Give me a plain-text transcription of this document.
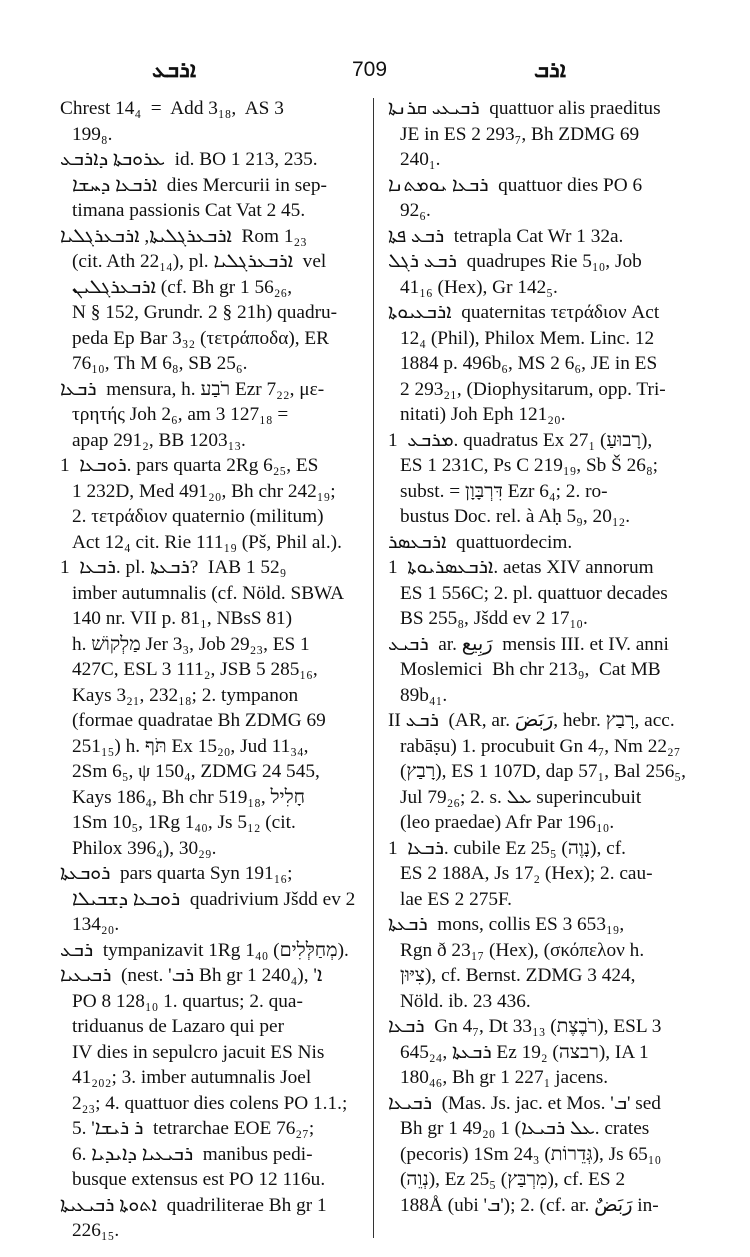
ܐܪܒܥ	709	ܐܪܒ
Chrest 14₄  =  Add 3₁₈,  AS 3
199₈.
ܥܪܘܒܬܐ ܕܐܪܒܥ  id. BO 1 213, 235.
ܐܪܒܥܐ ܕܚܫܐ  dies Mercurii in sep-
timana passionis Cat Vat 2 45.
ܐܪܒܥܪܓܠܝܬܐ, ܐܪܒܥܪܓܠܝܐ  Rom 1₂₃
(cit. Ath 22₁₄), pl. ܐܪܒܥܪܓܠܝܐ  vel
ܐܪܒܥܪܓܠܝܢ (cf. Bh gr 1 56₂₆,
N § 152, Grundr. 2 § 21h) quadru-
peda Ep Bar 3₃₂ (τετράποδα), ER
76₁₀, Th M 6₈, SB 25₆.
ܪܒܥܐ  mensura, h. רֹבַע Ezr 7₂₂, με-
τρητής Joh 2₆, am 3 127₁₈ =
apap 291₂, BB 1203₁₃.
ܪܘܒܥܐ  1. pars quarta 2Rg 6₂₅, ES
1 232D, Med 491₂₀, Bh chr 242₁₉;
2. τετράδιον quaternio (militum)
Act 12₄ cit. Rie 111₁₉ (Pš, Phil al.).
ܪܒܥܐ  1. pl. ܪܒܥܬܐ?  IAB 1 52₉
imber autumnalis (cf. Nöld. SBWA
140 nr. VII p. 81₁, NBsS 81)
h. מַלְקוֹשׁ Jer 3₃, Job 29₂₃, ES 1
427C, ESL 3 111₂, JSB 5 285₁₆,
Kays 3₂₁, 232₁₈; 2. tympanon
(formae quadratae Bh ZDMG 69
251₁₅) h. תֹּף Ex 15₂₀, Jud 11₃₄,
2Sm 6₅, ψ 150₄, ZDMG 24 545,
Kays 186₄, Bh chr 519₁₈, חָלִיל
1Sm 10₅, 1Rg 1₄₀, Js 5₁₂ (cit.
Philox 396₄), 30₂₉.
ܪܘܒܥܬܐ  pars quarta Syn 191₁₆;
ܪܘܒܥܐ ܕܫܒܝܠܐ  quadrivium Jšdd ev 2
134₂₀.
ܪܒܥ  tympanizavit 1Rg 1₄₀ (מְחַלְּלִים).
ܪܒܝܥܝܐ  (nest. 'ܪܒ Bh gr 1 240₄), 'ܐ
PO 8 128₁₀ 1. quartus; 2. qua-
triduanus de Lazaro qui per
IV dies in sepulcro jacuit ES Nis
41₂₀₂; 3. imber autumnalis Joel
2₂₃; 4. quattuor dies colens PO 1.1.;
5. 'ܪ ܪܝܫܐ  tetrarchae EOE 76₂₇;
6. ܪܒܝܥܝܐ ܕܐܝܕܝܐ  manibus pedi-
busque extensus est PO 12 116u.
ܐܬܘܬܐ ܪܒܝܥܝܬܐ  quadriliterae Bh gr 1
226₁₅.
ܪܒܝܥܝ ܩܪܢܬܐ  quattuor alis praeditus
JE in ES 2 293₇, Bh ZDMG 69
240₁.
ܪܒܥܐ ܝܘܡܬܢܐ  quattuor dies PO 6
92₆.
ܪܒܥ ܦܬܐ  tetrapla Cat Wr 1 32a.
ܪܒܥ ܪܓܠ  quadrupes Rie 5₁₀, Job
41₁₆ (Hex), Gr 142₅.
ܐܪܒܥܝܘܬܐ  quaternitas τετράδιον Act
12₄ (Phil), Philox Mem. Linc. 12
1884 p. 496b₆, MS 2 6₆, JE in ES
2 293₂₁, (Diophysitarum, opp. Tri-
nitati) Joh Eph 121₂₀.
ܡܪܒܥ  1. quadratus Ex 27₁ (רָבוּעַ),
ES 1 231C, Ps C 219₁₉, Sb Š 26₈;
subst. = דִּרְבָּוָן Ezr 6₄; 2. ro-
bustus Doc. rel. à Aḥ 5₉, 20₁₂.
ܐܪܒܥܣܪ  quattuordecim.
ܐܪܒܥܣܪܝܘܬܐ  1. aetas XIV annorum
ES 1 556C; 2. pl. quattuor decades
BS 255₈, Jšdd ev 2 17₁₀.
ܪܒܝܥ  ar. رَبِيع  mensis III. et IV. anni
Moslemici  Bh chr 213₉,  Cat MB
89b₄₁.
II ܪܒܥ  (AR, ar. رَبَضَ, hebr. רָבַץ, acc.
rabāṣu) 1. procubuit Gn 4₇, Nm 22₂₇
(רָבַץ), ES 1 107D, dap 57₁, Bal 256₅,
Jul 79₂₆; 2. s. ܥܠ superincubuit
(leo praedae) Afr Par 196₁₀.
ܪܒܥܐ  1. cubile Ez 25₅ (נָוֶה), cf.
ES 2 188A, Js 17₂ (Hex); 2. cau-
lae ES 2 275F.
ܪܒܥܬܐ  mons, collis ES 3 653₁₉,
Rgn ð 23₁₇ (Hex), (σκόπελον h.
צִיּוּן), cf. Bernst. ZDMG 3 424,
Nöld. ib. 23 436.
ܪܒܥܐ  Gn 4₇, Dt 33₁₃ (רֹבֶצֶת), ESL 3
645₂₄, ܪܒܥܬܐ Ez 19₂ (רבצה), IA 1
180₄₆, Bh gr 1 227₁ jacens.
ܪܒܝܥܐ  (Mas. Js. jac. et Mos. 'ܒ' sed
Bh gr 1 49₂₀ ܥܠ ܪܒܝܥܐ) 1. crates
(pecoris) 1Sm 24₃ (גְּדֵרוֹת), Js 65₁₀
(נְוֵה), Ez 25₅ (מִרְבַּץ), cf. ES 2
188Å (ubi 'ܒ'); 2. (cf. ar. رَبَضٌ in-
